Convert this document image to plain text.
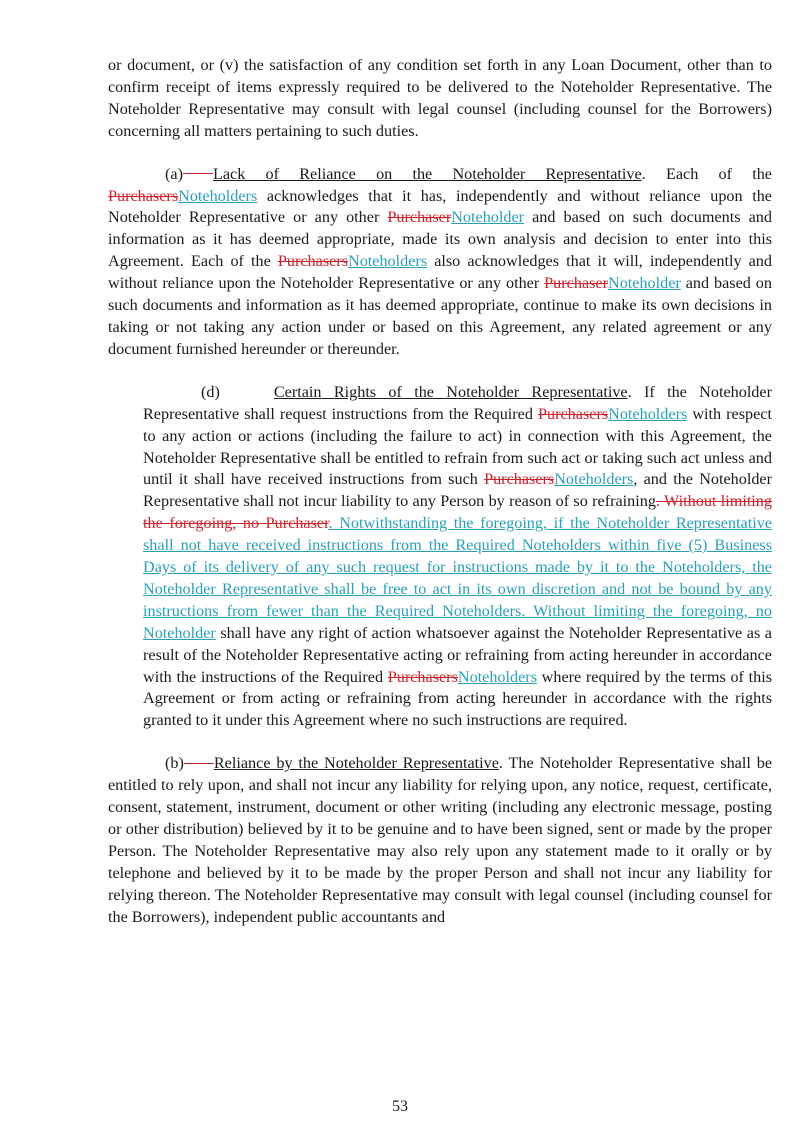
or document, or (v) the satisfaction of any condition set forth in any Loan Document, other than to confirm receipt of items expressly required to be delivered to the Noteholder Representative. The Noteholder Representative may consult with legal counsel (including counsel for the Borrowers) concerning all matters pertaining to such duties.

(a) Lack of Reliance on the Noteholder Representative. Each of the PurchasersNoteholders acknowledges that it has, independently and without reliance upon the Noteholder Representative or any other PurchaserNoteholder and based on such documents and information as it has deemed appropriate, made its own analysis and decision to enter into this Agreement. Each of the PurchasersNoteholders also acknowledges that it will, independently and without reliance upon the Noteholder Representative or any other PurchaserNoteholder and based on such documents and information as it has deemed appropriate, continue to make its own decisions in taking or not taking any action under or based on this Agreement, any related agreement or any document furnished hereunder or thereunder.

(d)	Certain Rights of the Noteholder Representative. If the Noteholder Representative shall request instructions from the Required PurchasersNoteholders with respect to any action or actions (including the failure to act) in connection with this Agreement, the Noteholder Representative shall be entitled to refrain from such act or taking such act unless and until it shall have received instructions from such PurchasersNoteholders, and the Noteholder Representative shall not incur liability to any Person by reason of so refraining. Without limiting the foregoing, no Purchaser. Notwithstanding the foregoing, if the Noteholder Representative shall not have received instructions from the Required Noteholders within five (5) Business Days of its delivery of any such request for instructions made by it to the Noteholders, the Noteholder Representative shall be free to act in its own discretion and not be bound by any instructions from fewer than the Required Noteholders. Without limiting the foregoing, no Noteholder shall have any right of action whatsoever against the Noteholder Representative as a result of the Noteholder Representative acting or refraining from acting hereunder in accordance with the instructions of the Required PurchasersNoteholders where required by the terms of this Agreement or from acting or refraining from acting hereunder in accordance with the rights granted to it under this Agreement where no such instructions are required.

(b) Reliance by the Noteholder Representative. The Noteholder Representative shall be entitled to rely upon, and shall not incur any liability for relying upon, any notice, request, certificate, consent, statement, instrument, document or other writing (including any electronic message, posting or other distribution) believed by it to be genuine and to have been signed, sent or made by the proper Person. The Noteholder Representative may also rely upon any statement made to it orally or by telephone and believed by it to be made by the proper Person and shall not incur any liability for relying thereon. The Noteholder Representative may consult with legal counsel (including counsel for the Borrowers), independent public accountants and

53
